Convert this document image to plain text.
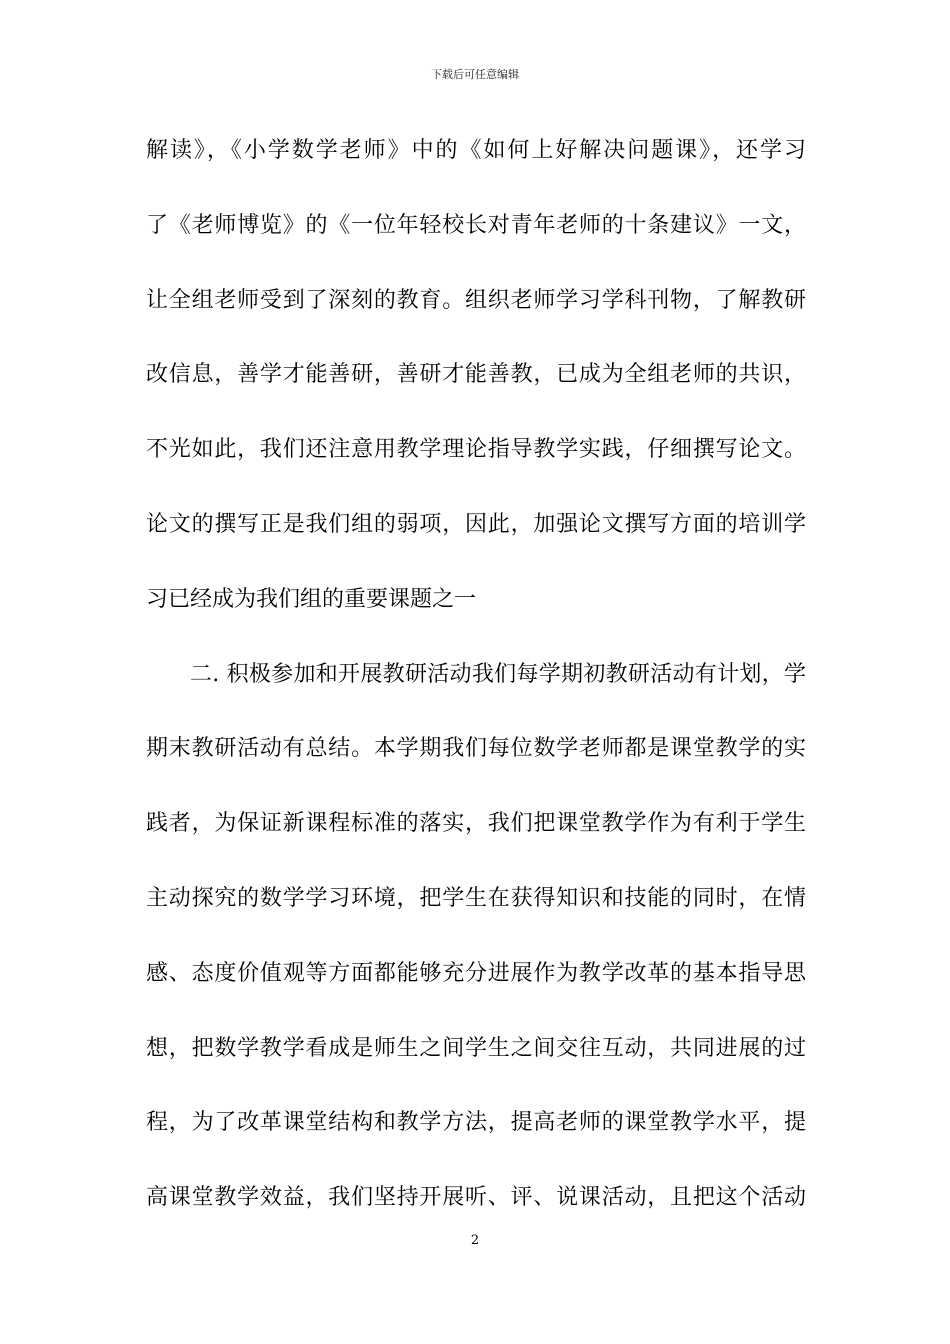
下载后可任意编辑
解读》，《小学数学老师》中的《如何上好解决问题课》，还学习
了《老师博览》的《一位年轻校长对青年老师的十条建议》一文，
让全组老师受到了深刻的教育。组织老师学习学科刊物，了解教研
改信息，善学才能善研，善研才能善教，已成为全组老师的共识，
不光如此，我们还注意用教学理论指导教学实践，仔细撰写论文。
论文的撰写正是我们组的弱项，因此，加强论文撰写方面的培训学
习已经成为我们组的重要课题之一
二. 积极参加和开展教研活动我们每学期初教研活动有计划，学
期末教研活动有总结。本学期我们每位数学老师都是课堂教学的实
践者，为保证新课程标准的落实，我们把课堂教学作为有利于学生
主动探究的数学学习环境，把学生在获得知识和技能的同时，在情
感、态度价值观等方面都能够充分进展作为教学改革的基本指导思
想，把数学教学看成是师生之间学生之间交往互动，共同进展的过
程，为了改革课堂结构和教学方法，提高老师的课堂教学水平，提
高课堂教学效益，我们坚持开展听、评、说课活动，且把这个活动
2
